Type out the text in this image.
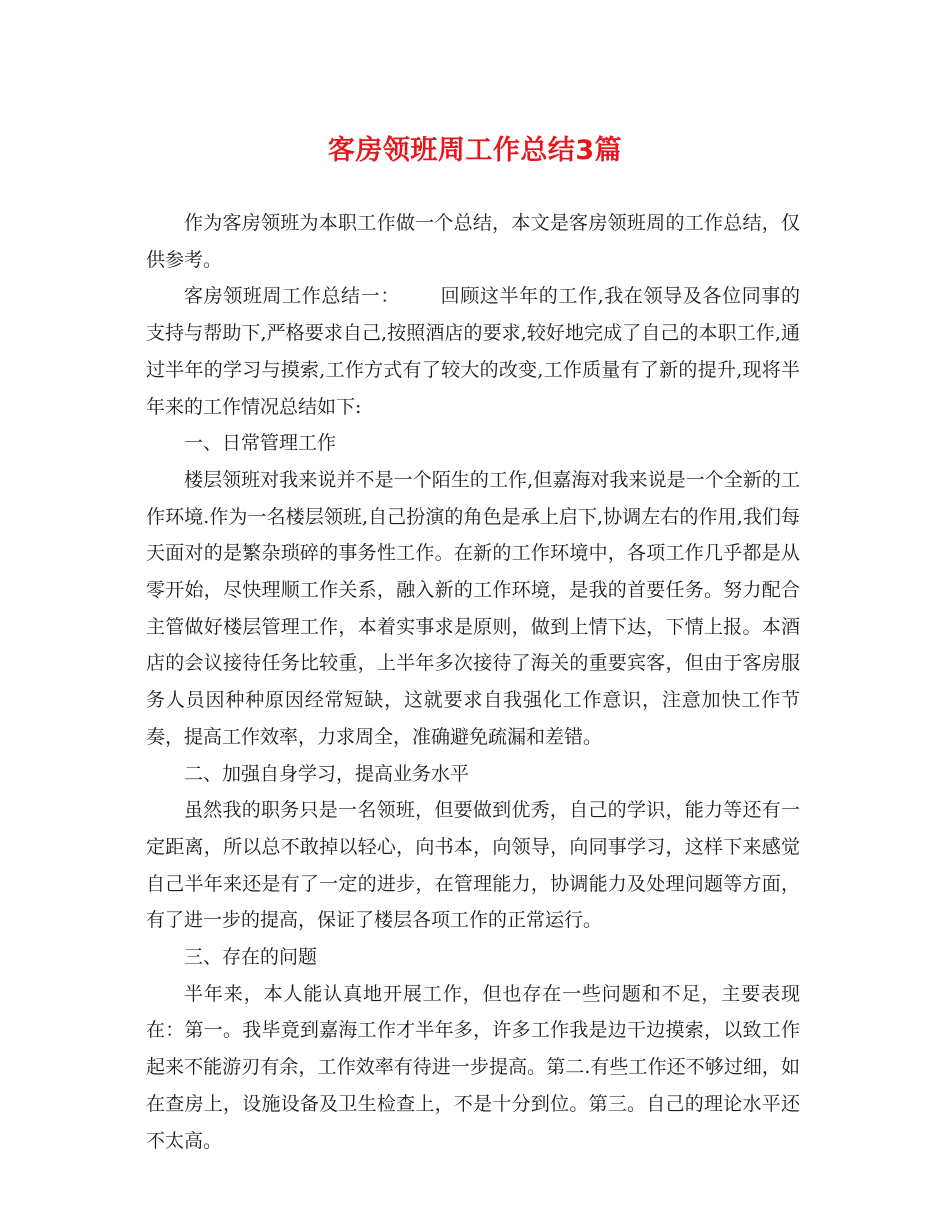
客房领班周工作总结3篇

作为客房领班为本职工作做一个总结，本文是客房领班周的工作总结，仅供参考。

客房领班周工作总结一： 回顾这半年的工作,我在领导及各位同事的支持与帮助下,严格要求自己,按照酒店的要求,较好地完成了自己的本职工作,通过半年的学习与摸索,工作方式有了较大的改变,工作质量有了新的提升,现将半年来的工作情况总结如下:

一、日常管理工作

楼层领班对我来说并不是一个陌生的工作,但嘉海对我来说是一个全新的工作环境.作为一名楼层领班,自己扮演的角色是承上启下,协调左右的作用,我们每天面对的是繁杂琐碎的事务性工作。在新的工作环境中，各项工作几乎都是从零开始，尽快理顺工作关系，融入新的工作环境，是我的首要任务。努力配合主管做好楼层管理工作，本着实事求是原则，做到上情下达，下情上报。本酒店的会议接待任务比较重，上半年多次接待了海关的重要宾客，但由于客房服务人员因种种原因经常短缺，这就要求自我强化工作意识，注意加快工作节奏，提高工作效率，力求周全，准确避免疏漏和差错。

二、加强自身学习，提高业务水平

虽然我的职务只是一名领班，但要做到优秀，自己的学识，能力等还有一定距离，所以总不敢掉以轻心，向书本，向领导，向同事学习，这样下来感觉自己半年来还是有了一定的进步，在管理能力，协调能力及处理问题等方面，有了进一步的提高，保证了楼层各项工作的正常运行。

三、存在的问题

半年来，本人能认真地开展工作，但也存在一些问题和不足，主要表现在：第一。我毕竟到嘉海工作才半年多，许多工作我是边干边摸索，以致工作起来不能游刃有余，工作效率有待进一步提高。第二.有些工作还不够过细，如在查房上，设施设备及卫生检查上，不是十分到位。第三。自己的理论水平还不太高。
